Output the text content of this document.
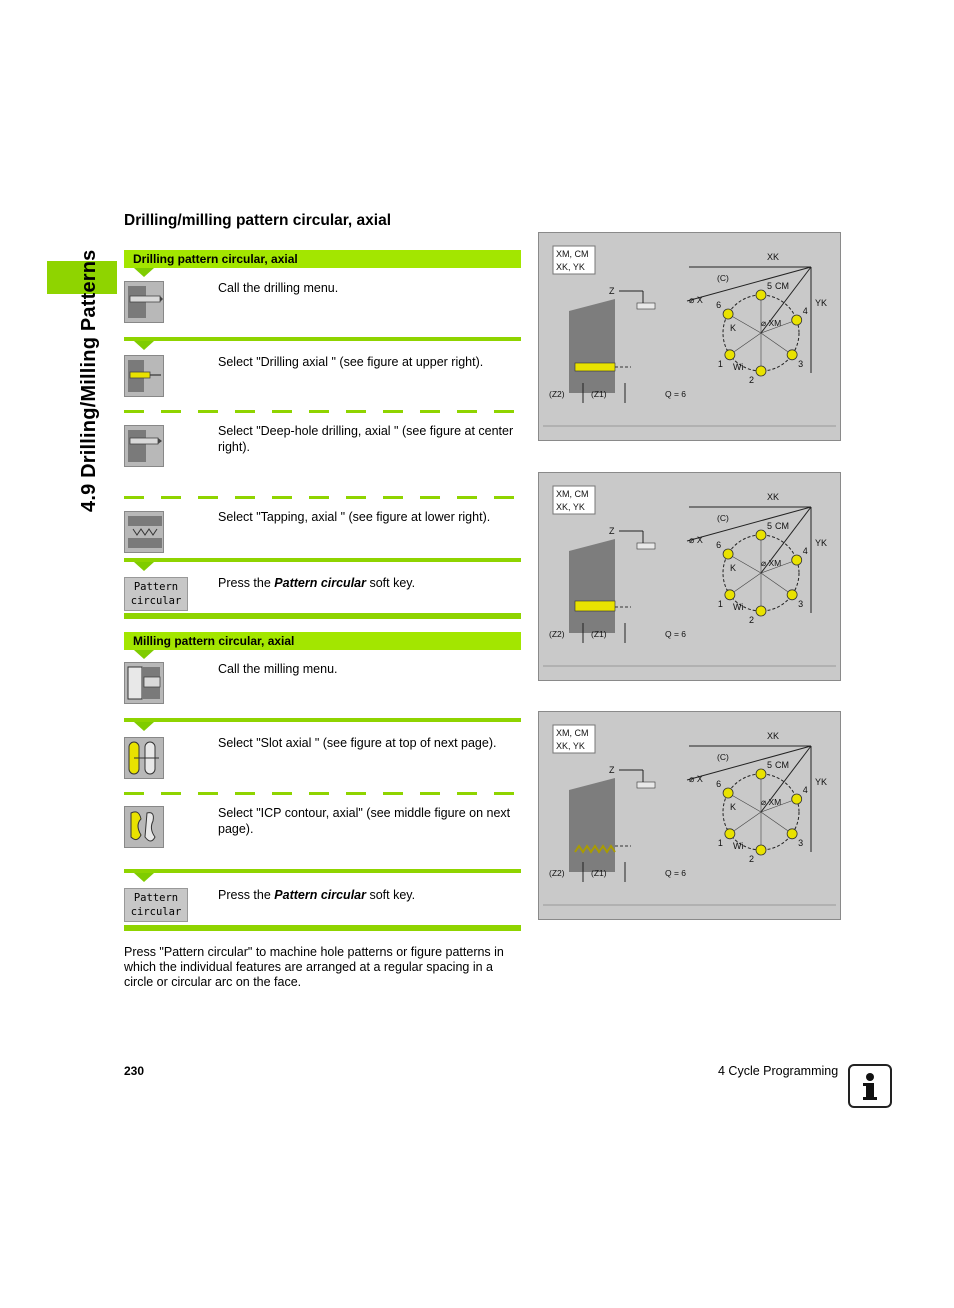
4.9 Drilling/Milling Patterns
Drilling/milling pattern circular, axial
Drilling pattern circular, axial
Call the drilling menu.
Select "Drilling axial " (see figure at upper right).
Select "Deep-hole drilling, axial " (see figure at center right).
Select "Tapping, axial " (see figure at lower right).
Pattern
circular
Press the Pattern circular soft key.
Milling pattern circular, axial
Call the milling menu.
Select "Slot axial " (see figure at top of next page).
Select "ICP contour, axial" (see middle figure on next page).
Pattern
circular
Press the Pattern circular soft key.
XM, CM
XK, YK
Z
(Z2)	(Z1)	Q = 6
XK
YK
(C)
⌀ X
CM
⌀ XM
K
Wi
1
2
3
4
5
6
XM, CM
XK, YK
Z
(Z2)	(Z1)	Q = 6
XK
YK
(C)
⌀ X
CM
⌀ XM
K
Wi
1
2
3
4
5
6
XM, CM
XK, YK
Z
(Z2)	(Z1)	Q = 6
XK
YK
(C)
⌀ X
CM
⌀ XM
K
Wi
1
2
3
4
5
6
Press "Pattern circular" to machine hole patterns or figure patterns in which the individual features are arranged at a regular spacing in a circle or circular arc on the face.
230	4 Cycle Programming
